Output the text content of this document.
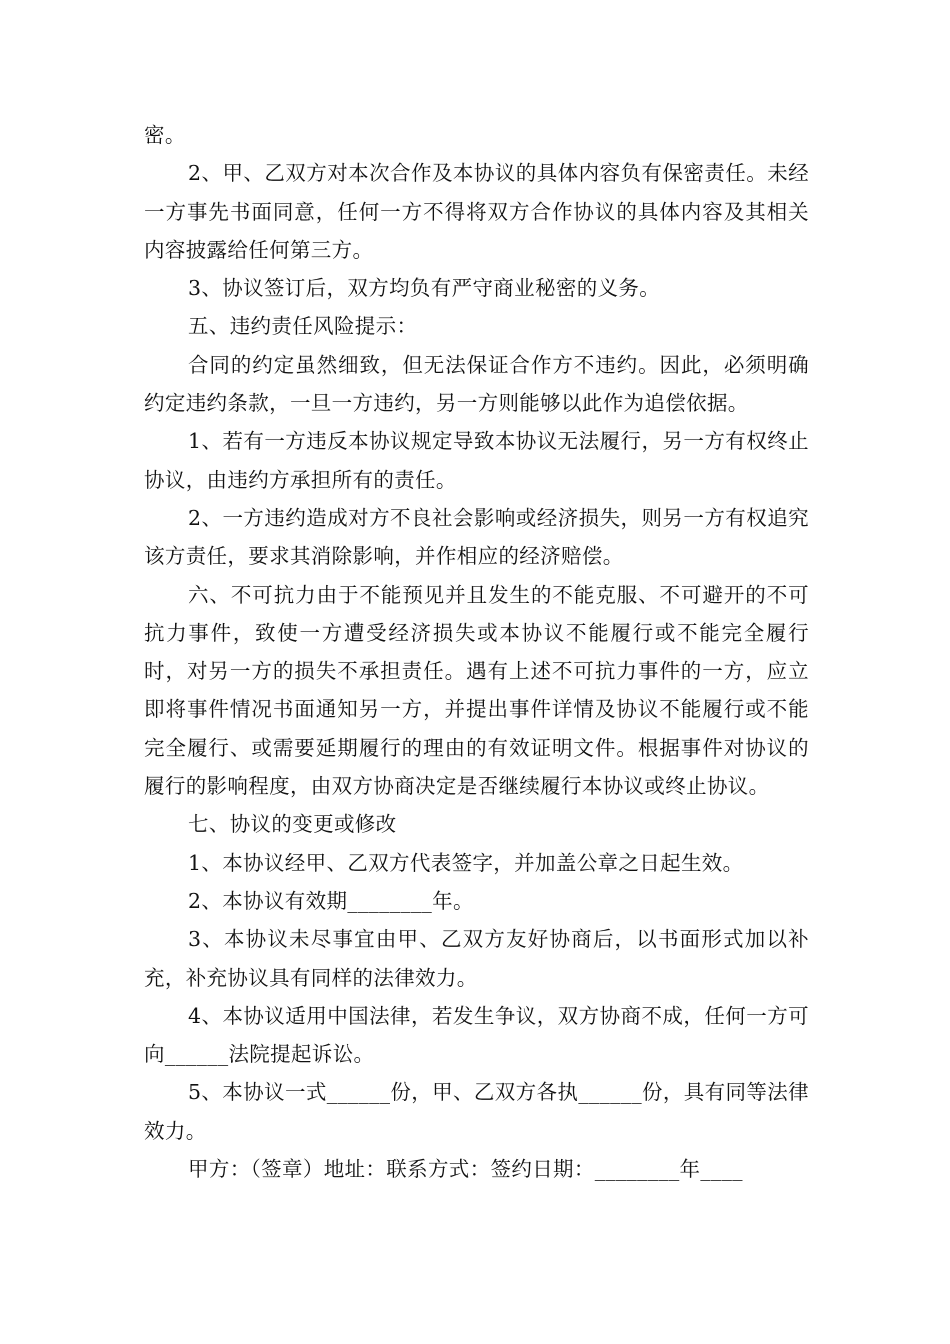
密。

2、甲、乙双方对本次合作及本协议的具体内容负有保密责任。未经一方事先书面同意，任何一方不得将双方合作协议的具体内容及其相关内容披露给任何第三方。

3、协议签订后，双方均负有严守商业秘密的义务。

五、违约责任风险提示：

合同的约定虽然细致，但无法保证合作方不违约。因此，必须明确约定违约条款，一旦一方违约，另一方则能够以此作为追偿依据。

1、若有一方违反本协议规定导致本协议无法履行，另一方有权终止协议，由违约方承担所有的责任。

2、一方违约造成对方不良社会影响或经济损失，则另一方有权追究该方责任，要求其消除影响，并作相应的经济赔偿。

六、不可抗力由于不能预见并且发生的不能克服、不可避开的不可抗力事件，致使一方遭受经济损失或本协议不能履行或不能完全履行时，对另一方的损失不承担责任。遇有上述不可抗力事件的一方，应立即将事件情况书面通知另一方，并提出事件详情及协议不能履行或不能完全履行、或需要延期履行的理由的有效证明文件。根据事件对协议的履行的影响程度，由双方协商决定是否继续履行本协议或终止协议。

七、协议的变更或修改

1、本协议经甲、乙双方代表签字，并加盖公章之日起生效。

2、本协议有效期________年。

3、本协议未尽事宜由甲、乙双方友好协商后，以书面形式加以补充，补充协议具有同样的法律效力。

4、本协议适用中国法律，若发生争议，双方协商不成，任何一方可向______法院提起诉讼。

5、本协议一式______份，甲、乙双方各执______份，具有同等法律效力。

甲方：（签章）地址：联系方式：签约日期：________年____
